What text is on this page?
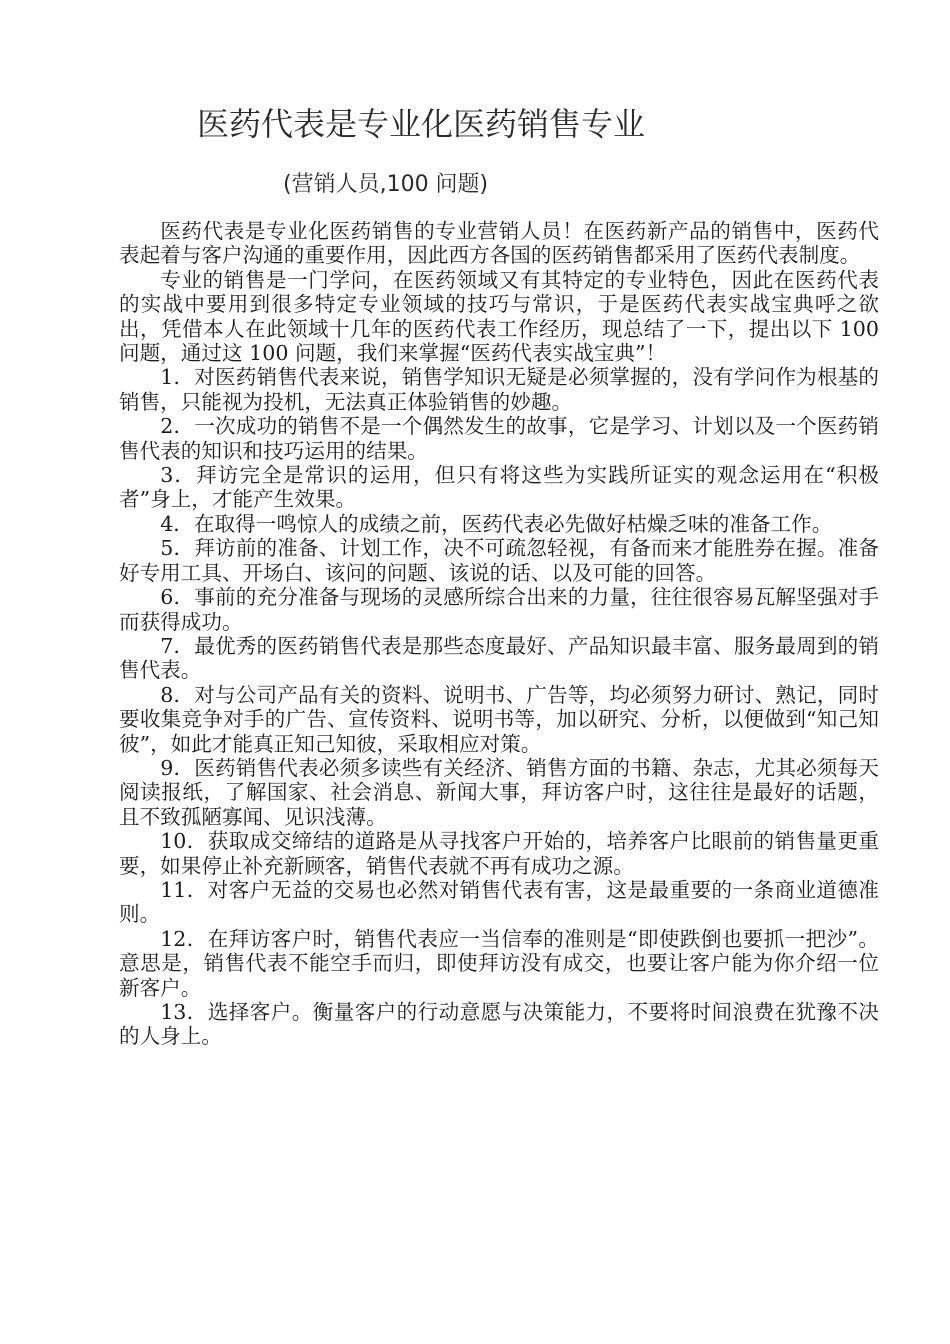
医药代表是专业化医药销售专业
(营销人员,100 问题)

医药代表是专业化医药销售的专业营销人员！在医药新产品的销售中，医药代表起着与客户沟通的重要作用，因此西方各国的医药销售都采用了医药代表制度。

专业的销售是一门学问，在医药领域又有其特定的专业特色，因此在医药代表的实战中要用到很多特定专业领域的技巧与常识，于是医药代表实战宝典呼之欲出，凭借本人在此领域十几年的医药代表工作经历，现总结了一下，提出以下 100 问题，通过这 100 问题，我们来掌握“医药代表实战宝典”！

1．对医药销售代表来说，销售学知识无疑是必须掌握的，没有学问作为根基的销售，只能视为投机，无法真正体验销售的妙趣。

2．一次成功的销售不是一个偶然发生的故事，它是学习、计划以及一个医药销售代表的知识和技巧运用的结果。

3．拜访完全是常识的运用，但只有将这些为实践所证实的观念运用在“积极者”身上，才能产生效果。

4．在取得一鸣惊人的成绩之前，医药代表必先做好枯燥乏味的准备工作。

5．拜访前的准备、计划工作，决不可疏忽轻视，有备而来才能胜券在握。准备好专用工具、开场白、该问的问题、该说的话、以及可能的回答。

6．事前的充分准备与现场的灵感所综合出来的力量，往往很容易瓦解坚强对手而获得成功。

7．最优秀的医药销售代表是那些态度最好、产品知识最丰富、服务最周到的销售代表。

8．对与公司产品有关的资料、说明书、广告等，均必须努力研讨、熟记，同时要收集竞争对手的广告、宣传资料、说明书等，加以研究、分析，以便做到“知己知彼”，如此才能真正知己知彼，采取相应对策。

9．医药销售代表必须多读些有关经济、销售方面的书籍、杂志，尤其必须每天阅读报纸，了解国家、社会消息、新闻大事，拜访客户时，这往往是最好的话题，且不致孤陋寡闻、见识浅薄。

10．获取成交缔结的道路是从寻找客户开始的，培养客户比眼前的销售量更重要，如果停止补充新顾客，销售代表就不再有成功之源。

11．对客户无益的交易也必然对销售代表有害，这是最重要的一条商业道德准则。

12．在拜访客户时，销售代表应一当信奉的准则是“即使跌倒也要抓一把沙”。意思是，销售代表不能空手而归，即使拜访没有成交，也要让客户能为你介绍一位新客户。

13．选择客户。衡量客户的行动意愿与决策能力，不要将时间浪费在犹豫不决的人身上。
